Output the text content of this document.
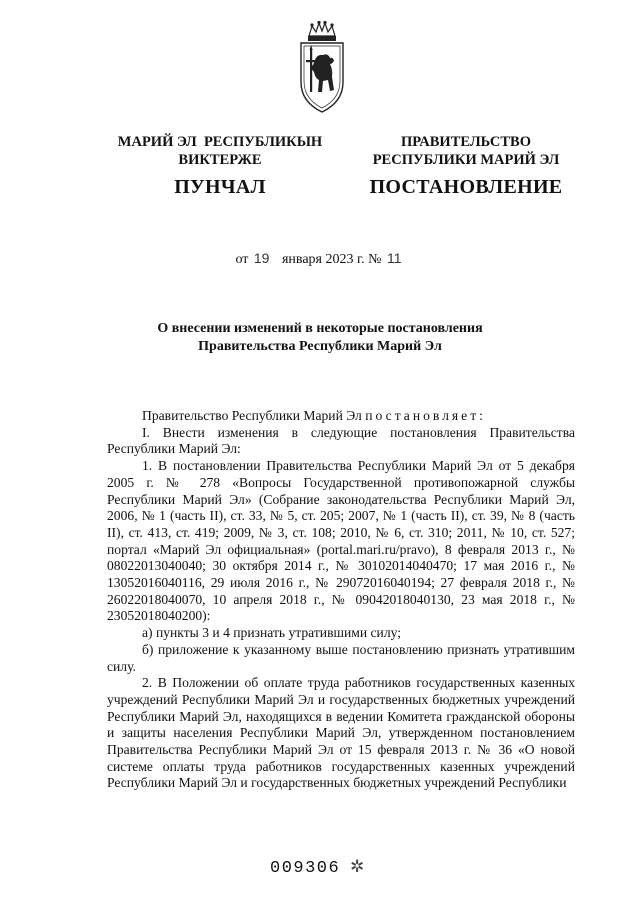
МАРИЙ ЭЛ  РЕСПУБЛИКЫН
ВИКТЕРЖЕ
ПУНЧАЛ
ПРАВИТЕЛЬСТВО
РЕСПУБЛИКИ МАРИЙ ЭЛ
ПОСТАНОВЛЕНИЕ
от 19 января 2023 г. № 11
О внесении изменений в некоторые постановления
Правительства Республики Марий Эл

Правительство Республики Марий Эл постановляет:

I. Внести изменения в следующие постановления Правительства Республики Марий Эл:

1. В постановлении Правительства Республики Марий Эл от 5 декабря 2005 г. № 278 «Вопросы Государственной противопожарной службы Республики Марий Эл» (Собрание законодательства Республики Марий Эл, 2006, № 1 (часть II), ст. 33, № 5, ст. 205; 2007, № 1 (часть II), ст. 39, № 8 (часть II), ст. 413, ст. 419; 2009, № 3, ст. 108; 2010, № 6, ст. 310; 2011, № 10, ст. 527; портал «Марий Эл официальная» (portal.mari.ru/pravo), 8 февраля 2013 г., № 08022013040040; 30 октября 2014 г., № 30102014040470; 17 мая 2016 г., № 13052016040116, 29 июля 2016 г., № 29072016040194; 27 февраля 2018 г., № 26022018040070, 10 апреля 2018 г., № 09042018040130, 23 мая 2018 г., № 23052018040200):

а) пункты 3 и 4 признать утратившими силу;

б) приложение к указанному выше постановлению признать утратившим силу.

2. В Положении об оплате труда работников государственных казенных учреждений Республики Марий Эл и государственных бюджетных учреждений Республики Марий Эл, находящихся в ведении Комитета гражданской обороны и защиты населения Республики Марий Эл, утвержденном постановлением Правительства Республики Марий Эл от 15 февраля 2013 г. № 36 «О новой системе оплаты труда работников государственных казенных учреждений Республики Марий Эл и государственных бюджетных учреждений Республики

009306 ✲
